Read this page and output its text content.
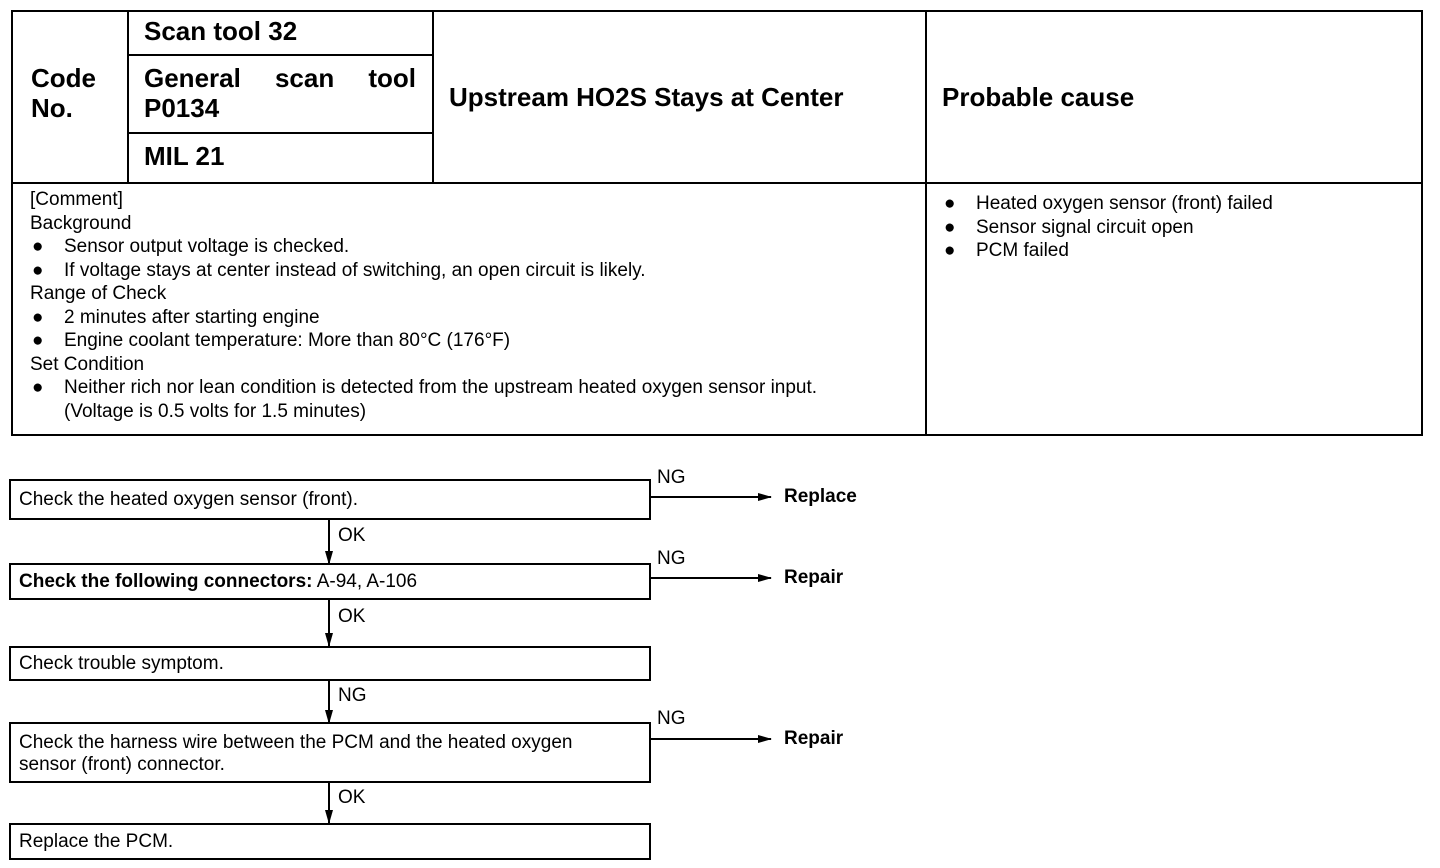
Code No.
Scan tool 32
General scan tool P0134
MIL 21
Upstream HO2S Stays at Center	Probable cause
[Comment]
Background
● Sensor output voltage is checked.
● If voltage stays at center instead of switching, an open circuit is likely.
Range of Check
● 2 minutes after starting engine
● Engine coolant temperature: More than 80°C (176°F)
Set Condition
● Neither rich nor lean condition is detected from the upstream heated oxygen sensor input.
(Voltage is 0.5 volts for 1.5 minutes)
● Heated oxygen sensor (front) failed
● Sensor signal circuit open
● PCM failed
Check the heated oxygen sensor (front).
NG
Replace
OK
Check the following connectors: A-94, A-106
NG
Repair
OK
Check trouble symptom.
NG
Check the harness wire between the PCM and the heated oxygen
sensor (front) connector.
NG
Repair
OK
Replace the PCM.
